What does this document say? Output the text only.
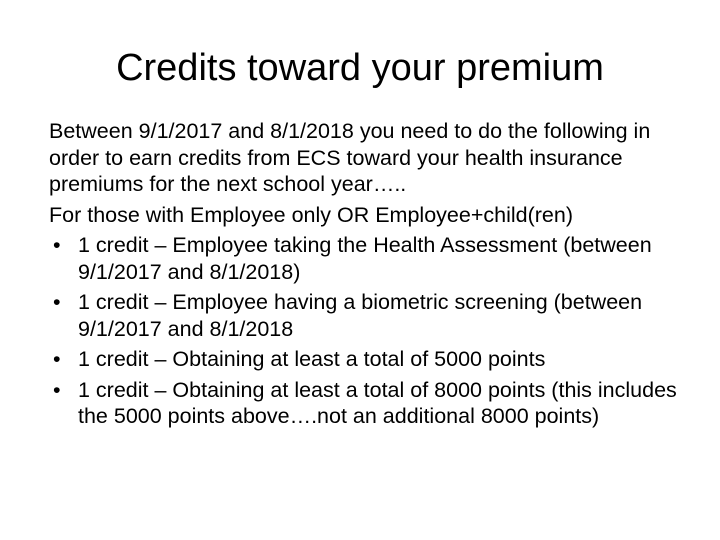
Credits toward your premium

Between 9/1/2017 and 8/1/2018 you need to do the following in order to earn credits from ECS toward your health insurance premiums for the next school year…..

For those with Employee only OR Employee+child(ren)

• 1 credit – Employee taking the Health Assessment (between 9/1/2017 and 8/1/2018)
• 1 credit – Employee having a biometric screening (between 9/1/2017 and 8/1/2018
• 1 credit – Obtaining at least a total of 5000 points
• 1 credit – Obtaining at least a total of 8000 points (this includes the 5000 points above….not an additional 8000 points)
